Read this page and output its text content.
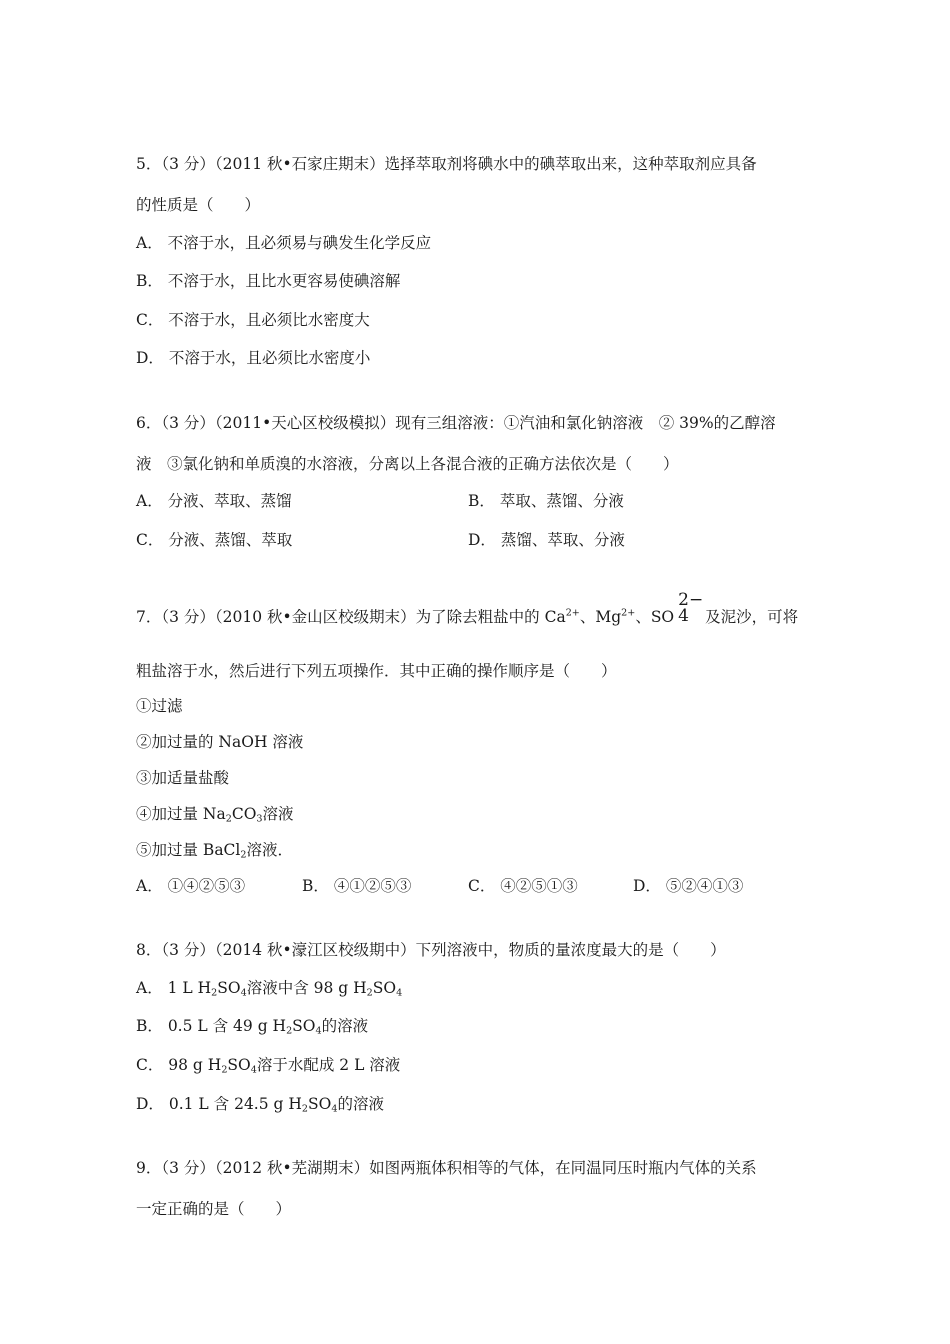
5．（3 分）（2011 秋•石家庄期末）选择萃取剂将碘水中的碘萃取出来，这种萃取剂应具备
的性质是（　　）
A． 不溶于水，且必须易与碘发生化学反应
B． 不溶于水，且比水更容易使碘溶解
C． 不溶于水，且必须比水密度大
D． 不溶于水，且必须比水密度小
6．（3 分）（2011•天心区校级模拟）现有三组溶液：①汽油和氯化钠溶液　② 39%的乙醇溶
液　③氯化钠和单质溴的水溶液，分离以上各混合液的正确方法依次是（　　）
A． 分液、萃取、蒸馏	B． 萃取、蒸馏、分液
C． 分液、蒸馏、萃取	D． 蒸馏、萃取、分液
7．（3 分）（2010 秋•金山区校级期末）为了除去粗盐中的 $Ca^{2+}$、$Mg^{2+}$、SO
2−
4 及泥沙，可将
粗盐溶于水，然后进行下列五项操作．其中正确的操作顺序是（　　）
①过滤
②加过量的 NaOH 溶液
③加适量盐酸
④加过量 $Na_2CO_3$溶液
⑤加过量 BaCl$_2$溶液．
A． ①④②⑤③	B． ④①②⑤③	C． ④②⑤①③	D． ⑤②④①③
8．（3 分）（2014 秋•濠江区校级期中）下列溶液中，物质的量浓度最大的是（　　）
A． 1 L $H_2SO_4$溶液中含 98 g $H_2SO_4$
B． 0.5 L 含 49 g $H_2SO_4$的溶液
C． 98 g $H_2SO_4$溶于水配成 2 L 溶液
D． 0.1 L 含 24.5 g $H_2SO_4$的溶液
9．（3 分）（2012 秋•芜湖期末）如图两瓶体积相等的气体，在同温同压时瓶内气体的关系
一定正确的是（　　）
